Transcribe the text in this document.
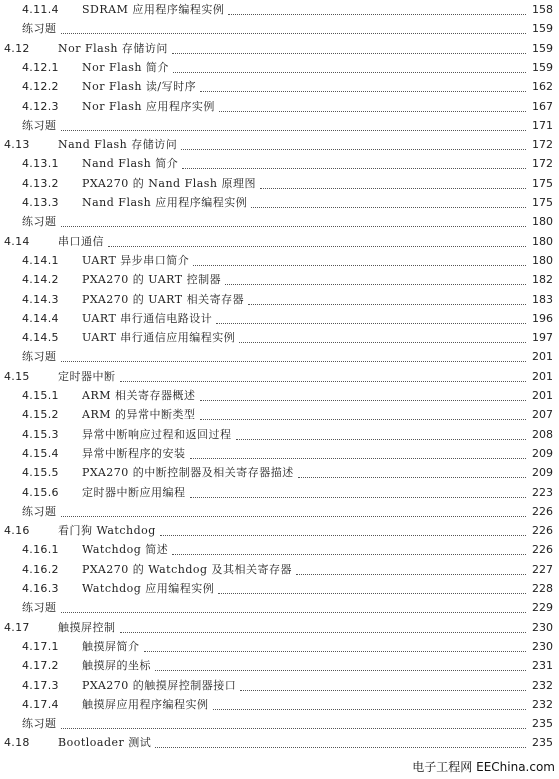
4.11.4 SDRAM 应用程序编程实例	158
练习题	159
4.12	Nor Flash 存储访问	159
4.12.1 Nor Flash 简介	159
4.12.2 Nor Flash 读/写时序	162
4.12.3 Nor Flash 应用程序实例	167
练习题	171
4.13	Nand Flash 存储访问	172
4.13.1 Nand Flash 简介	172
4.13.2 PXA270 的 Nand Flash 原理图	175
4.13.3 Nand Flash 应用程序编程实例	175
练习题	180
4.14	串口通信	180
4.14.1 UART 异步串口简介	180
4.14.2 PXA270 的 UART 控制器	182
4.14.3 PXA270 的 UART 相关寄存器	183
4.14.4 UART 串行通信电路设计	196
4.14.5 UART 串行通信应用编程实例	197
练习题	201
4.15	定时器中断	201
4.15.1 ARM 相关寄存器概述	201
4.15.2 ARM 的异常中断类型	207
4.15.3 异常中断响应过程和返回过程	208
4.15.4 异常中断程序的安装	209
4.15.5 PXA270 的中断控制器及相关寄存器描述	209
4.15.6 定时器中断应用编程	223
练习题	226
4.16	看门狗 Watchdog	226
4.16.1 Watchdog 简述	226
4.16.2 PXA270 的 Watchdog 及其相关寄存器	227
4.16.3 Watchdog 应用编程实例	228
练习题	229
4.17	触摸屏控制	230
4.17.1 触摸屏简介	230
4.17.2 触摸屏的坐标	231
4.17.3 PXA270 的触摸屏控制器接口	232
4.17.4 触摸屏应用程序编程实例	232
练习题	235
4.18	Bootloader 测试	235
电子工程网 EEChina.com
